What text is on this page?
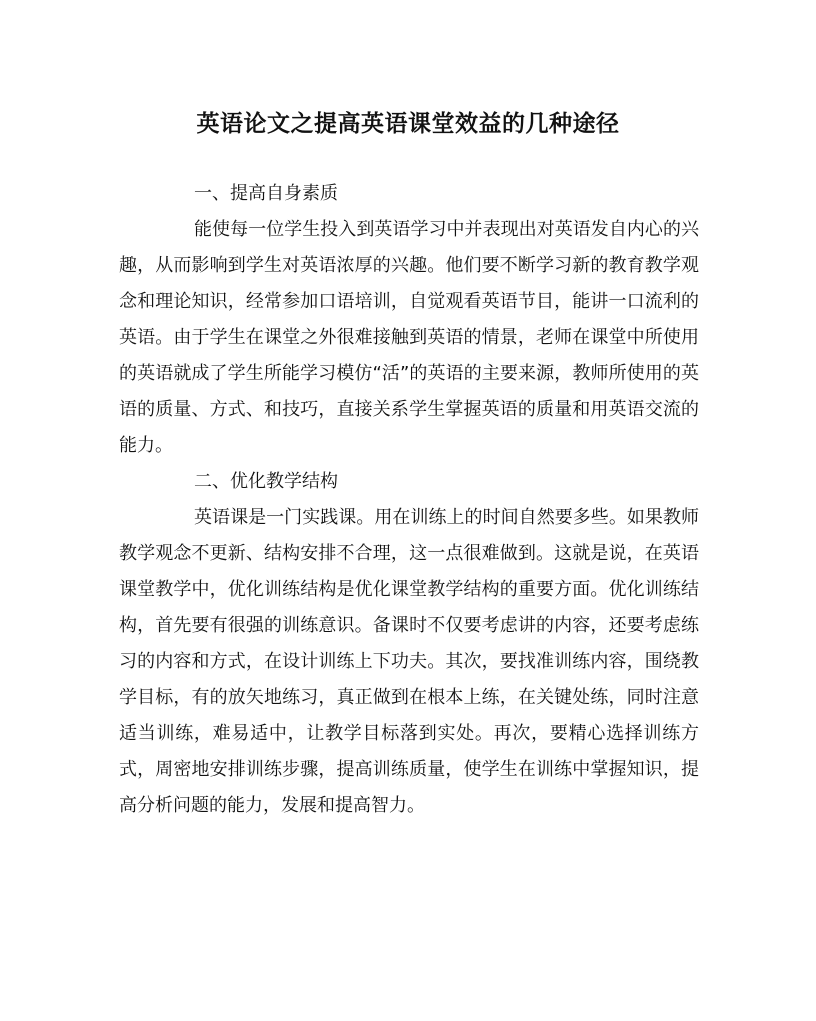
英语论文之提高英语课堂效益的几种途径

一、提高自身素质

能使每一位学生投入到英语学习中并表现出对英语发自内心的兴趣，从而影响到学生对英语浓厚的兴趣。他们要不断学习新的教育教学观念和理论知识，经常参加口语培训，自觉观看英语节目，能讲一口流利的英语。由于学生在课堂之外很难接触到英语的情景，老师在课堂中所使用的英语就成了学生所能学习模仿“活”的英语的主要来源，教师所使用的英语的质量、方式、和技巧，直接关系学生掌握英语的质量和用英语交流的能力。

二、优化教学结构

英语课是一门实践课。用在训练上的时间自然要多些。如果教师教学观念不更新、结构安排不合理，这一点很难做到。这就是说，在英语课堂教学中，优化训练结构是优化课堂教学结构的重要方面。优化训练结构，首先要有很强的训练意识。备课时不仅要考虑讲的内容，还要考虑练习的内容和方式，在设计训练上下功夫。其次，要找准训练内容，围绕教学目标，有的放矢地练习，真正做到在根本上练，在关键处练，同时注意适当训练，难易适中，让教学目标落到实处。再次，要精心选择训练方式，周密地安排训练步骤，提高训练质量，使学生在训练中掌握知识，提高分析问题的能力，发展和提高智力。
